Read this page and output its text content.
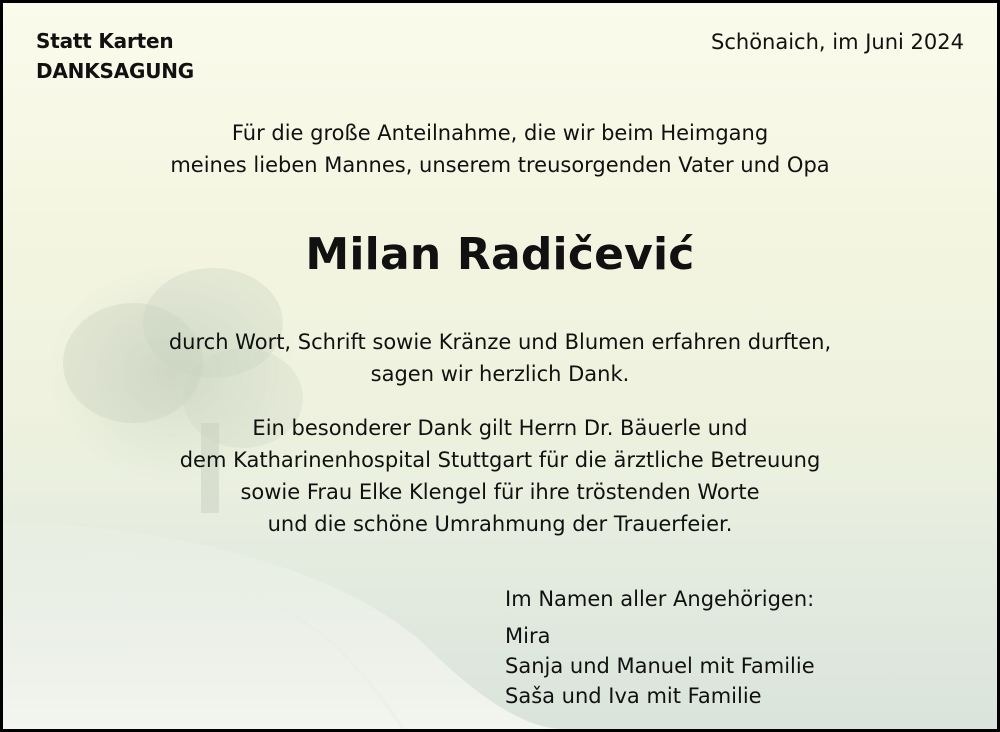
Statt Karten
DANKSAGUNG
Schönaich, im Juni 2024
Für die große Anteilnahme, die wir beim Heimgang
meines lieben Mannes, unserem treusorgenden Vater und Opa
Milan Radičević
durch Wort, Schrift sowie Kränze und Blumen erfahren durften,
sagen wir herzlich Dank.
Ein besonderer Dank gilt Herrn Dr. Bäuerle und
dem Katharinenhospital Stuttgart für die ärztliche Betreuung
sowie Frau Elke Klengel für ihre tröstenden Worte
und die schöne Umrahmung der Trauerfeier.
Im Namen aller Angehörigen:
Mira
Sanja und Manuel mit Familie
Saša und Iva mit Familie
